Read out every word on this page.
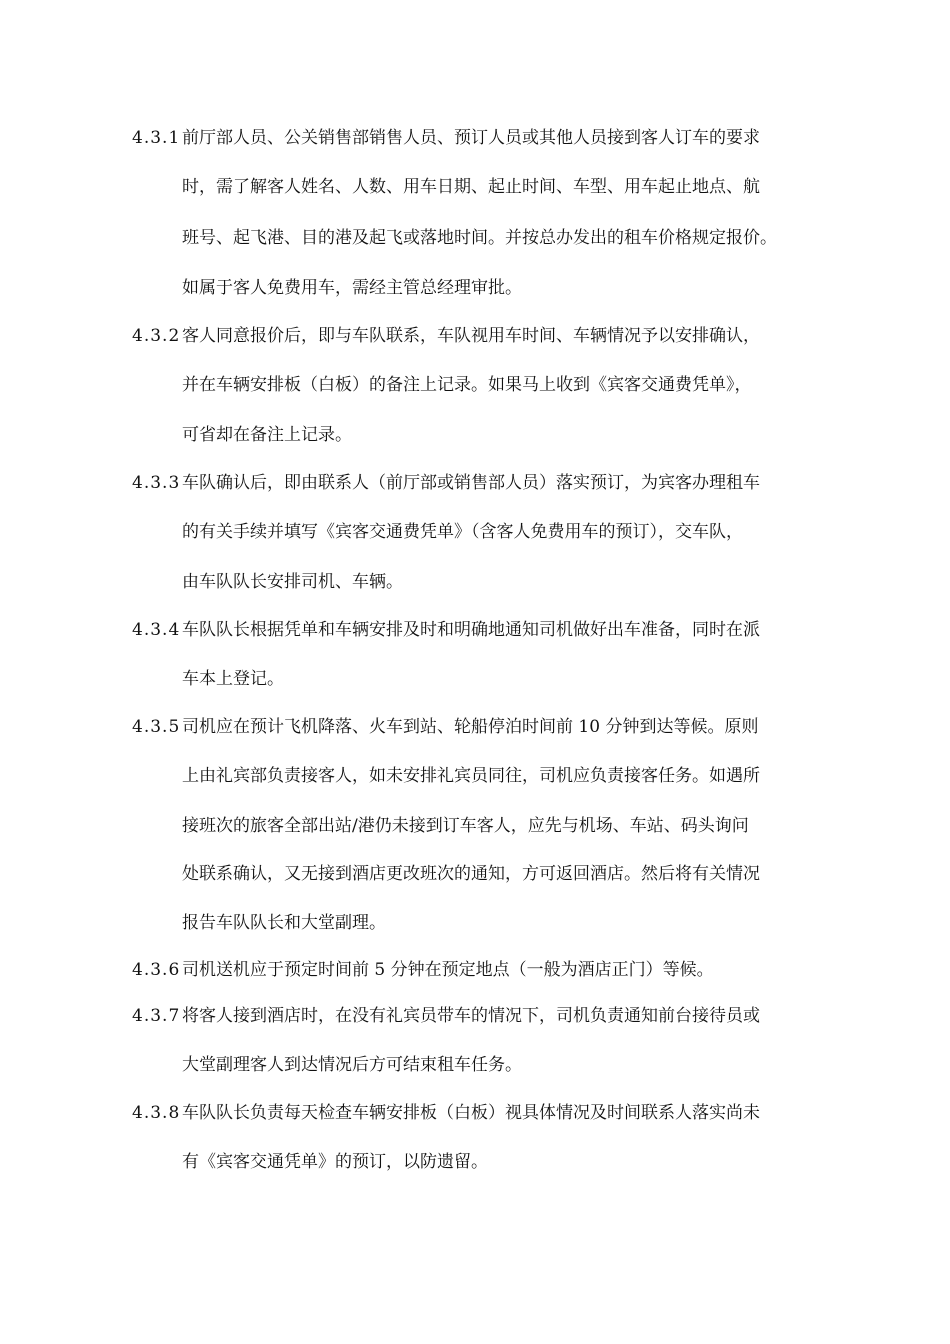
4.3.1 前厅部人员、公关销售部销售人员、预订人员或其他人员接到客人订车的要求
时，需了解客人姓名、人数、用车日期、起止时间、车型、用车起止地点、航
班号、起飞港、目的港及起飞或落地时间。并按总办发出的租车价格规定报价。
如属于客人免费用车，需经主管总经理审批。
4.3.2 客人同意报价后，即与车队联系，车队视用车时间、车辆情况予以安排确认，
并在车辆安排板（白板）的备注上记录。如果马上收到《宾客交通费凭单》，
可省却在备注上记录。
4.3.3 车队确认后，即由联系人（前厅部或销售部人员）落实预订，为宾客办理租车
的有关手续并填写《宾客交通费凭单》（含客人免费用车的预订），交车队，
由车队队长安排司机、车辆。
4.3.4 车队队长根据凭单和车辆安排及时和明确地通知司机做好出车准备，同时在派
车本上登记。
4.3.5 司机应在预计飞机降落、火车到站、轮船停泊时间前 10 分钟到达等候。原则
上由礼宾部负责接客人，如未安排礼宾员同往，司机应负责接客任务。如遇所
接班次的旅客全部出站/港仍未接到订车客人，应先与机场、车站、码头询问
处联系确认，又无接到酒店更改班次的通知，方可返回酒店。然后将有关情况
报告车队队长和大堂副理。
4.3.6 司机送机应于预定时间前 5 分钟在预定地点（一般为酒店正门）等候。
4.3.7 将客人接到酒店时，在没有礼宾员带车的情况下，司机负责通知前台接待员或
大堂副理客人到达情况后方可结束租车任务。
4.3.8 车队队长负责每天检查车辆安排板（白板）视具体情况及时间联系人落实尚未
有《宾客交通凭单》的预订，以防遗留。
